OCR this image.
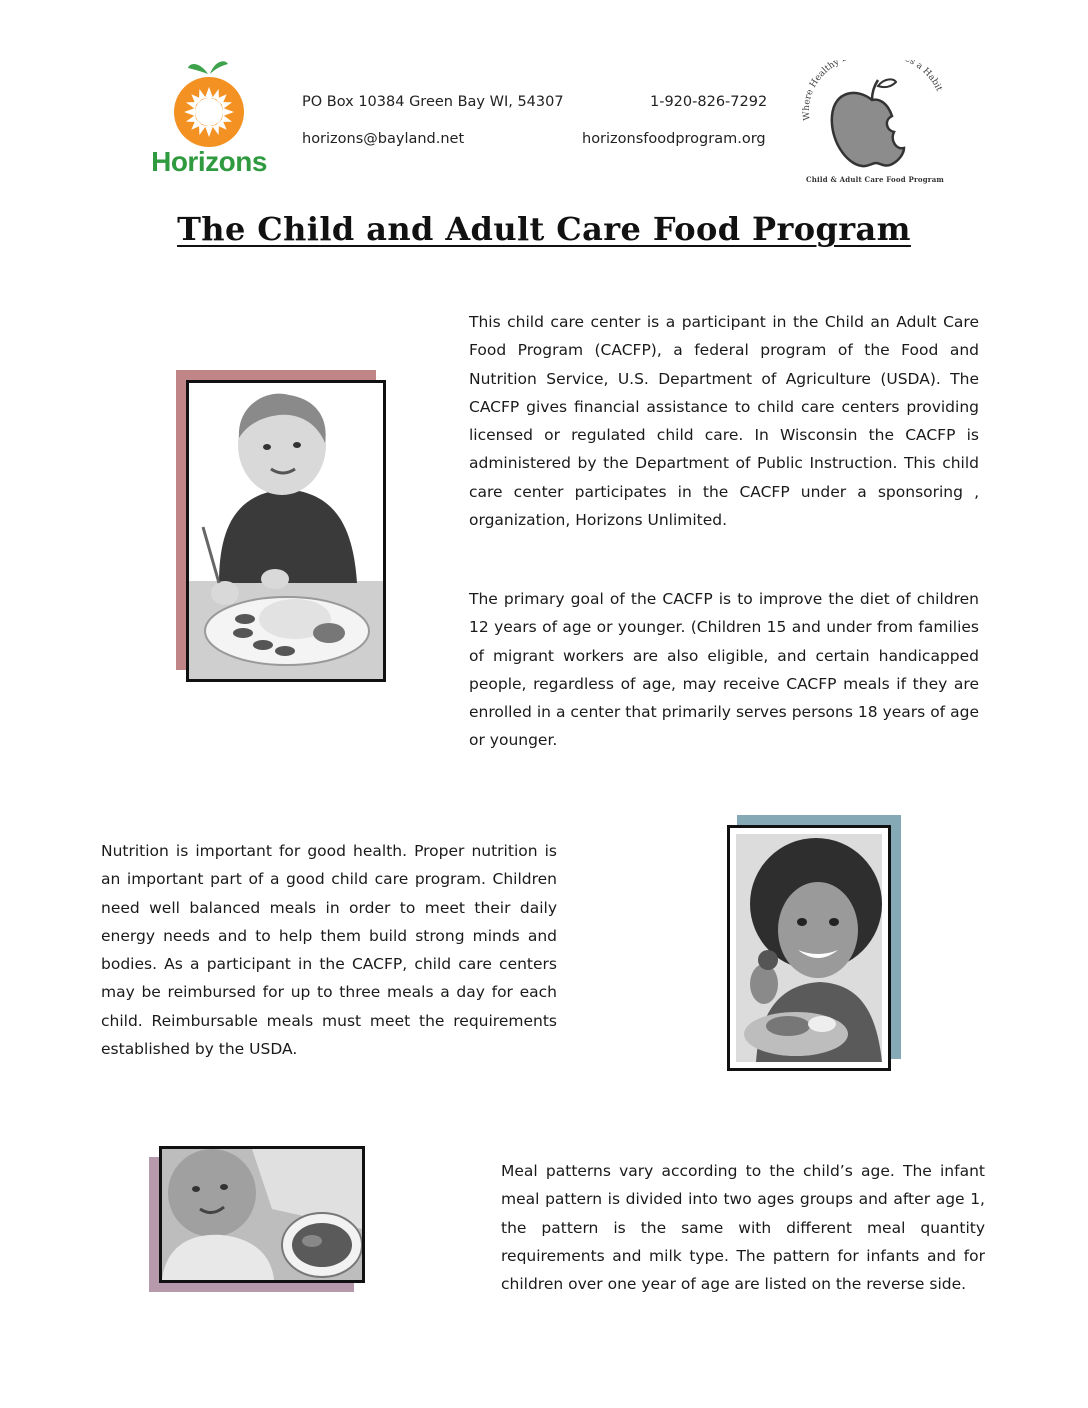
Horizons
PO Box 10384 Green Bay WI, 54307	1-920-826-7292
horizons@bayland.net	horizonsfoodprogram.org
Where Healthy s a Habit
Child & Adult Care Food Program
The Child and Adult Care Food Program

This child care center is a participant in the Child an Adult Care Food Program (CACFP), a federal program of the Food and Nutrition Service, U.S. Department of Agriculture (USDA). The CACFP gives financial assistance to child care centers providing licensed or regulated child care. In Wisconsin the CACFP is administered by the Department of Public Instruction. This child care center participates in the CACFP under a sponsoring , organization, Horizons Unlimited.

The primary goal of the CACFP is to improve the diet of children 12 years of age or younger. (Children 15 and under from families of migrant workers are also eligible, and certain handicapped people, regardless of age, may receive CACFP meals if they are enrolled in a center that primarily serves persons 18 years of age or younger.

Nutrition is important for good health. Proper nutrition is an important part of a good child care program. Children need well balanced meals in order to meet their daily energy needs and to help them build strong minds and bodies. As a participant in the CACFP, child care centers may be reimbursed for up to three meals a day for each child. Reimbursable meals must meet the requirements established by the USDA.

Meal patterns vary according to the child’s age. The infant meal pattern is divided into two ages groups and after age 1, the pattern is the same with different meal quantity requirements and milk type. The pattern for infants and for children over one year of age are listed on the reverse side.
